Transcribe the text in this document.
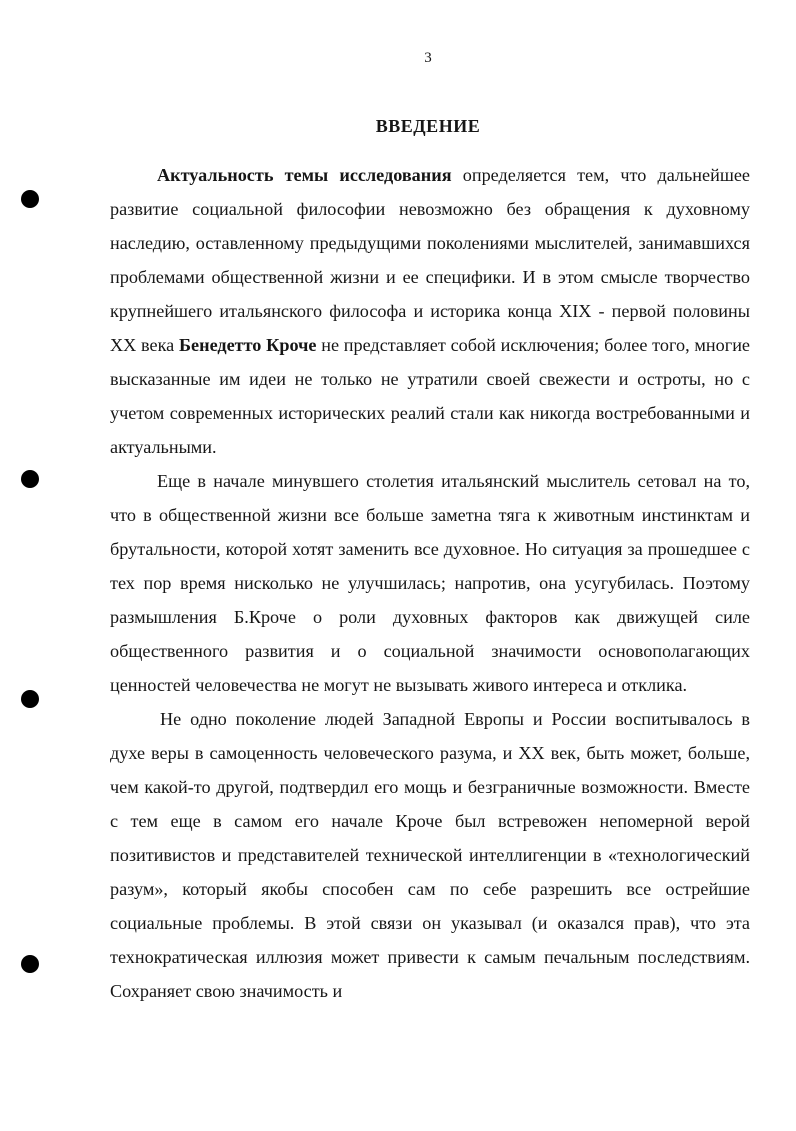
3
ВВЕДЕНИЕ

Актуальность темы исследования определяется тем, что дальнейшее развитие социальной философии невозможно без обращения к духовному наследию, оставленному предыдущими поколениями мыслителей, занимавшихся проблемами общественной жизни и ее специфики. И в этом смысле творчество крупнейшего итальянского философа и историка конца XIX - первой половины XX века Бенедетто Кроче не представляет собой исключения; более того, многие высказанные им идеи не только не утратили своей свежести и остроты, но с учетом современных исторических реалий стали как никогда востребованными и актуальными.

Еще в начале минувшего столетия итальянский мыслитель сетовал на то, что в общественной жизни все больше заметна тяга к животным инстинктам и брутальности, которой хотят заменить все духовное. Но ситуация за прошедшее с тех пор время нисколько не улучшилась; напротив, она усугубилась. Поэтому размышления Б.Кроче о роли духовных факторов как движущей силе общественного развития и о социальной значимости основополагающих ценностей человечества не могут не вызывать живого интереса и отклика.

Не одно поколение людей Западной Европы и России воспитывалось в духе веры в самоценность человеческого разума, и XX век, быть может, больше, чем какой-то другой, подтвердил его мощь и безграничные возможности. Вместе с тем еще в самом его начале Кроче был встревожен непомерной верой позитивистов и представителей технической интеллигенции в «технологический разум», который якобы способен сам по себе разрешить все острейшие социальные проблемы. В этой связи он указывал (и оказался прав), что эта технократическая иллюзия может привести к самым печальным последствиям. Сохраняет свою значимость и
